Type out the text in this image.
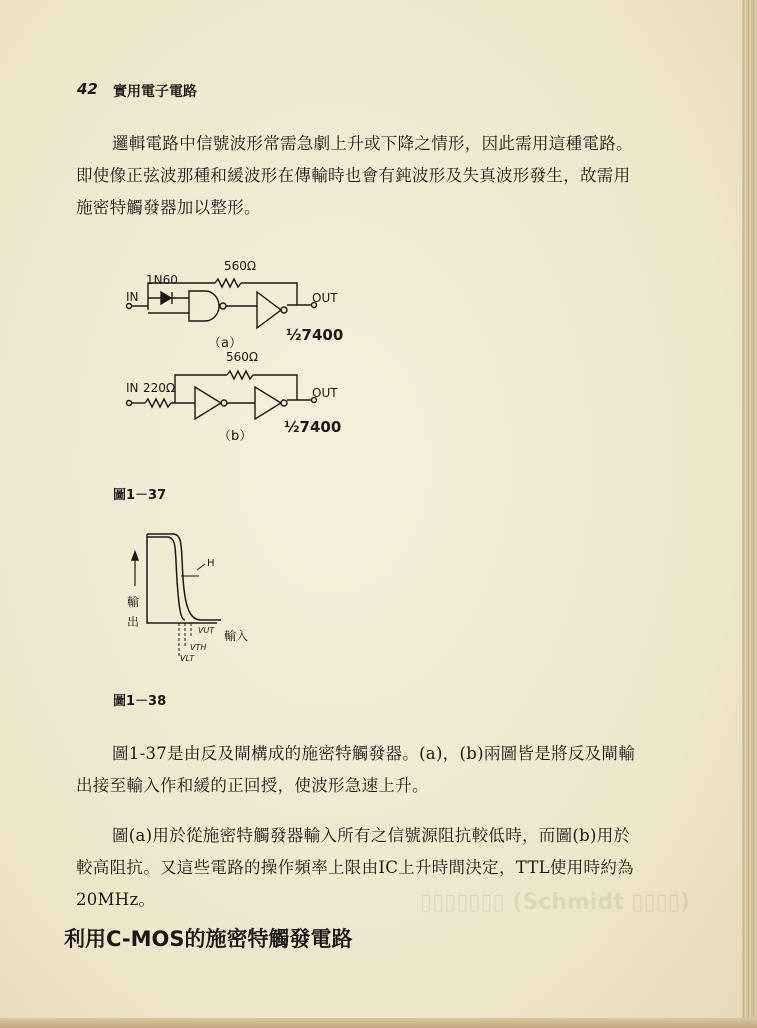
▯▯▯▯▯▯▯ (Schmidt ▯▯▯▯)
42 實用電子電路
邏輯電路中信號波形常需急劇上升或下降之情形，因此需用這種電路。即使像正弦波那種和緩波形在傳輸時也會有鈍波形及失真波形發生，故需用施密特觸發器加以整形。
560Ω
1N60
IN	OUT
（a）	½7400
560Ω
IN 220Ω	OUT
（b）
½7400
圖1－37
H
輸出
輸入
VUT
VTH
VLT
圖1－38
圖1-37是由反及閘構成的施密特觸發器。(a)，(b)兩圖皆是將反及閘輸出接至輸入作和緩的正回授，使波形急速上升。
圖(a)用於從施密特觸發器輸入所有之信號源阻抗較低時，而圖(b)用於較高阻抗。又這些電路的操作頻率上限由IC上升時間決定，TTL使用時約為20MHz。
利用C-MOS的施密特觸發電路
